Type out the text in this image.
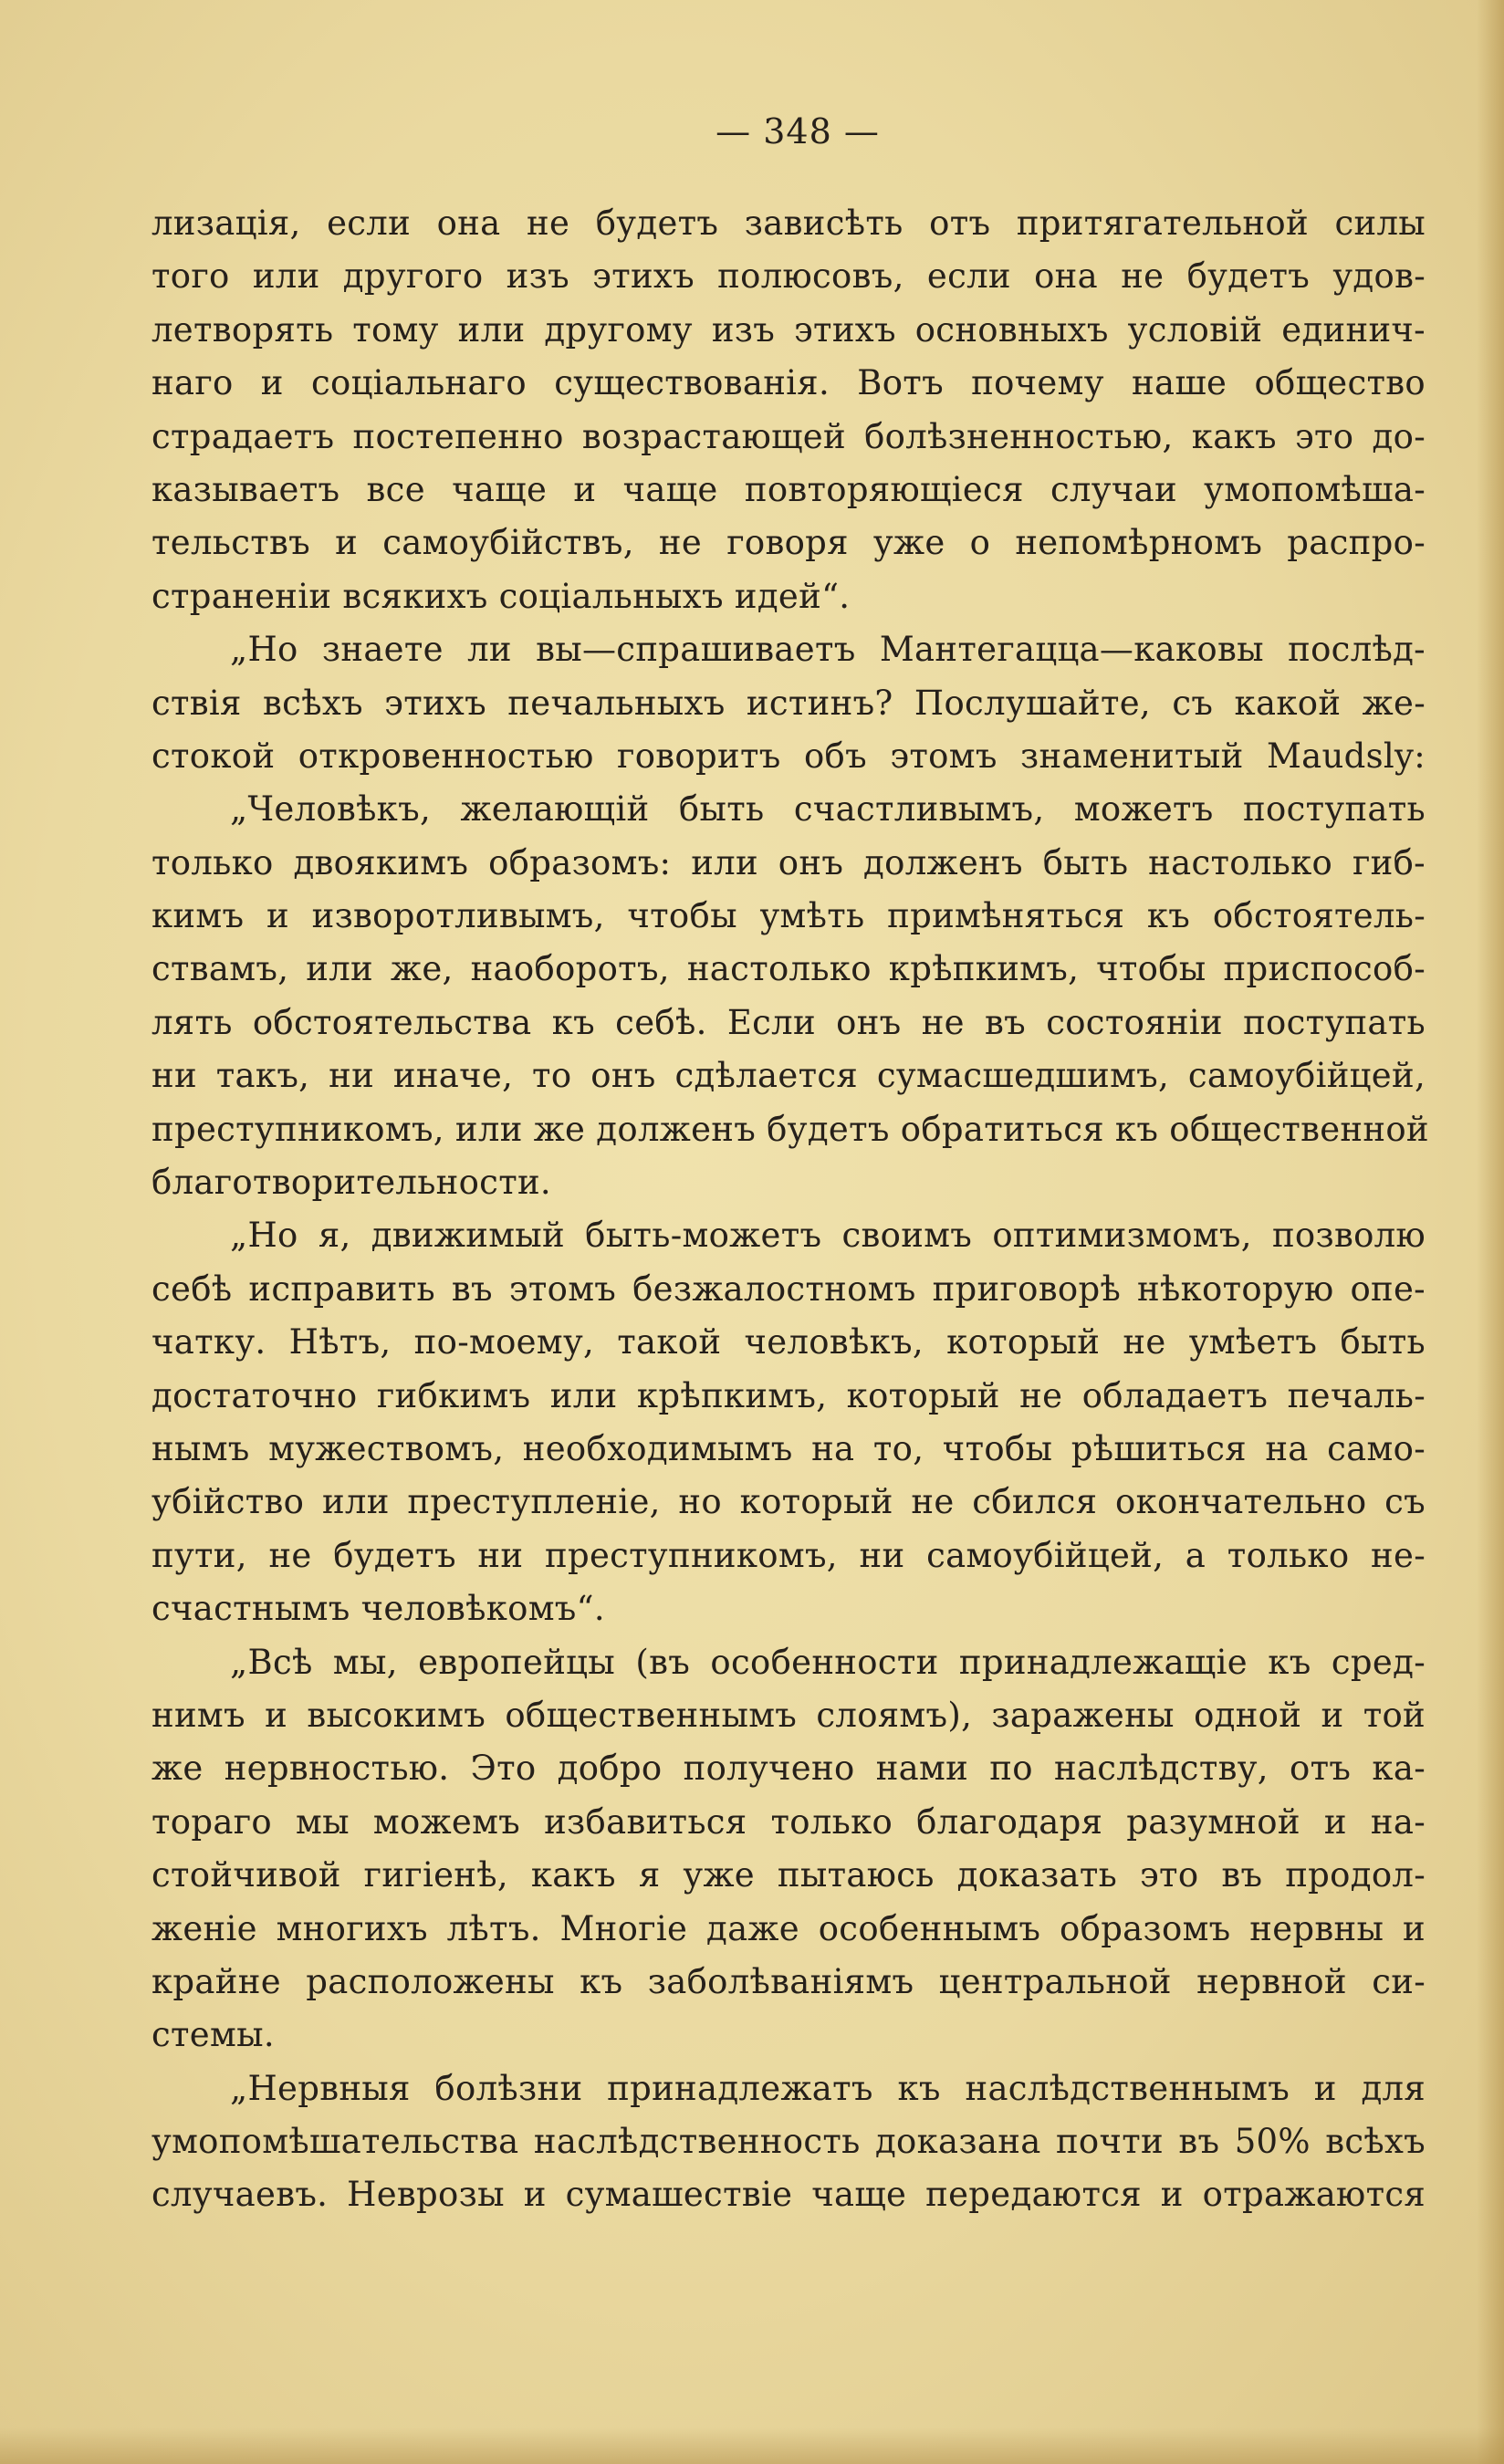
— 348 —
лизація, если она не будетъ зависѣть отъ притягательной силы
того или другого изъ этихъ полюсовъ, если она не будетъ удов-
летворять тому или другому изъ этихъ основныхъ условій единич-
наго и соціальнаго существованія. Вотъ почему наше общество
страдаетъ постепенно возрастающей болѣзненностью, какъ это до-
казываетъ все чаще и чаще повторяющіеся случаи умопомѣша-
тельствъ и самоубійствъ, не говоря уже о непомѣрномъ распро-
страненіи всякихъ соціальныхъ идей“.
„Но знаете ли вы—спрашиваетъ Мантегацца—каковы послѣд-
ствія всѣхъ этихъ печальныхъ истинъ? Послушайте, съ какой же-
стокой откровенностью говоритъ объ этомъ знаменитый Maudsly:
„Человѣкъ, желающій быть счастливымъ, можетъ поступать
только двоякимъ образомъ: или онъ долженъ быть настолько гиб-
кимъ и изворотливымъ, чтобы умѣть примѣняться къ обстоятель-
ствамъ, или же, наоборотъ, настолько крѣпкимъ, чтобы приспособ-
лять обстоятельства къ себѣ. Если онъ не въ состояніи поступать
ни такъ, ни иначе, то онъ сдѣлается сумасшедшимъ, самоубійцей,
преступникомъ, или же долженъ будетъ обратиться къ общественной
благотворительности.
„Но я, движимый быть-можетъ своимъ оптимизмомъ, позволю
себѣ исправить въ этомъ безжалостномъ приговорѣ нѣкоторую опе-
чатку. Нѣтъ, по-моему, такой человѣкъ, который не умѣетъ быть
достаточно гибкимъ или крѣпкимъ, который не обладаетъ печаль-
нымъ мужествомъ, необходимымъ на то, чтобы рѣшиться на само-
убійство или преступленіе, но который не сбился окончательно съ
пути, не будетъ ни преступникомъ, ни самоубійцей, а только не-
счастнымъ человѣкомъ“.
„Всѣ мы, европейцы (въ особенности принадлежащіе къ сред-
нимъ и высокимъ общественнымъ слоямъ), заражены одной и той
же нервностью. Это добро получено нами по наслѣдству, отъ ка-
тораго мы можемъ избавиться только благодаря разумной и на-
стойчивой гигіенѣ, какъ я уже пытаюсь доказать это въ продол-
женіе многихъ лѣтъ. Многіе даже особеннымъ образомъ нервны и
крайне расположены къ заболѣваніямъ центральной нервной си-
стемы.
„Нервныя болѣзни принадлежатъ къ наслѣдственнымъ и для
умопомѣшательства наслѣдственность доказана почти въ 50% всѣхъ
случаевъ. Неврозы и сумашествіе чаще передаются и отражаются
